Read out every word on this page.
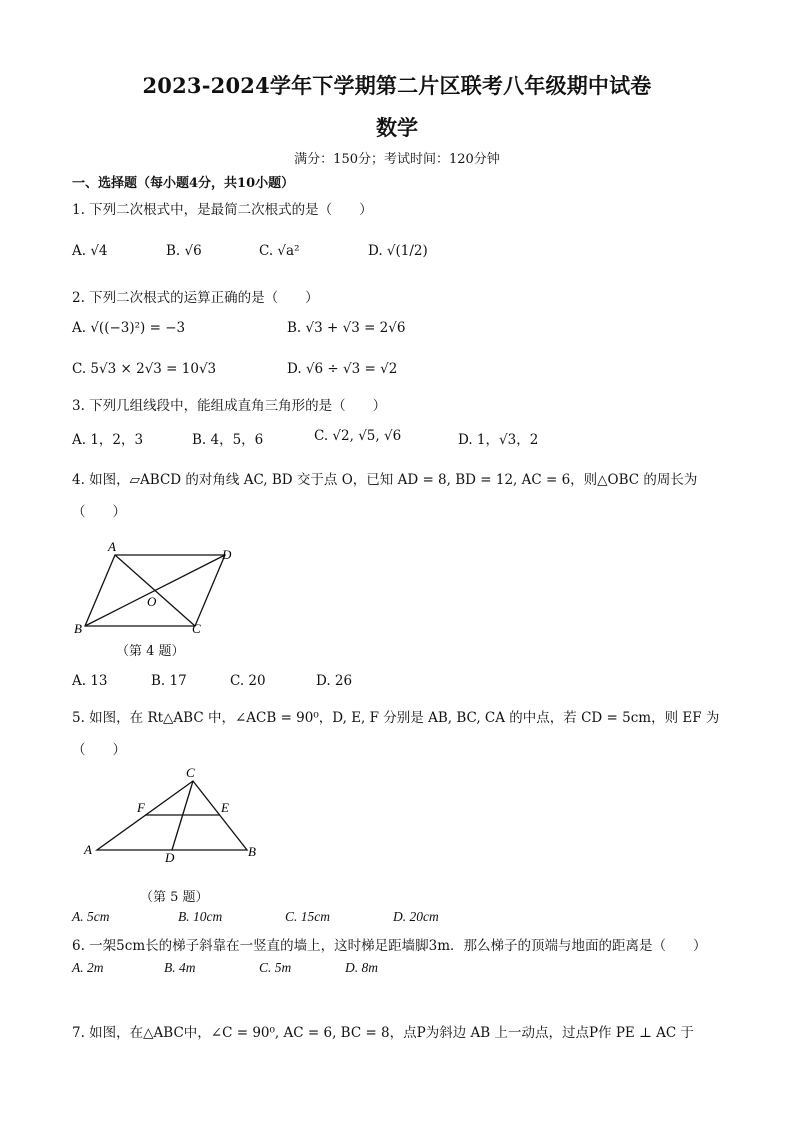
2023-2024学年下学期第二片区联考八年级期中试卷
数学
满分：150分；考试时间：120分钟
一、选择题（每小题4分，共10小题）
1. 下列二次根式中，是最简二次根式的是（　　）
A. √4	B. √6	C. √a²	D. √(1/2)
2. 下列二次根式的运算正确的是（　　）
A. √((−3)²) = −3	B. √3 + √3 = 2√6
C. 5√3 × 2√3 = 10√3	D. √6 ÷ √3 = √2
3. 下列几组线段中，能组成直角三角形的是（　　）
A. 1，2，3	B. 4，5，6	C. √2, √5, √6	D. 1，√3，2
4. 如图，▱ABCD 的对角线 AC, BD 交于点 O，已知 AD = 8, BD = 12, AC = 6，则△OBC 的周长为
（　　）
A
D
B	C
O
（第 4 题）
A. 13	B. 17	C. 20	D. 26
5. 如图，在 Rt△ABC 中，∠ACB = 90⁰，D, E, F 分别是 AB, BC, CA 的中点，若 CD = 5cm，则 EF 为
（　　）
C
F	E
A	B
D
（第 5 题）
A. 5cm	B. 10cm	C. 15cm	D. 20cm
6. 一架5cm长的梯子斜靠在一竖直的墙上，这时梯足距墙脚3m．那么梯子的顶端与地面的距离是（　　）
A. 2m	B. 4m	C. 5m	D. 8m
7. 如图，在△ABC中，∠C = 90⁰, AC = 6, BC = 8，点P为斜边 AB 上一动点，过点P作 PE ⊥ AC 于
